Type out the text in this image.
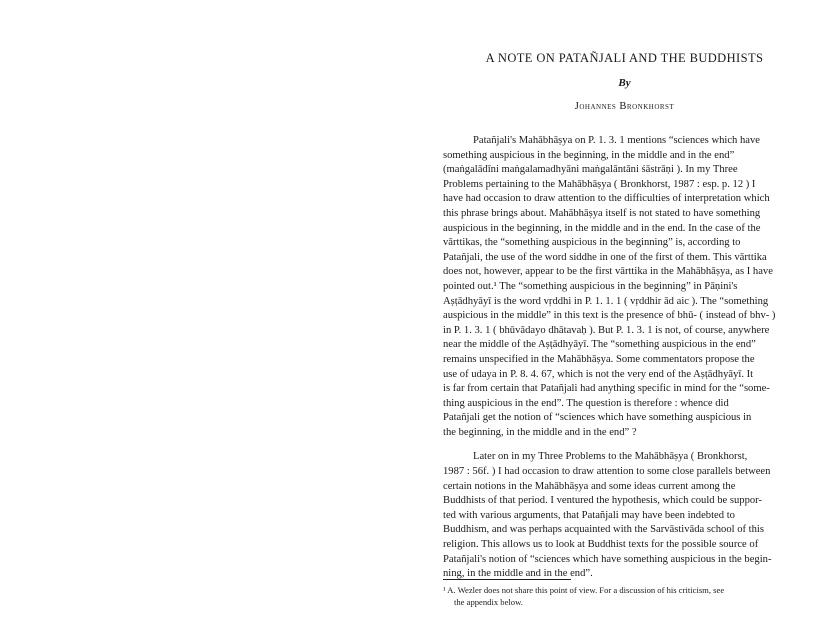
A NOTE ON PATAÑJALI AND THE BUDDHISTS
By
Johannes Bronkhorst

Patañjali's Mahābhāṣya on P. 1. 3. 1 mentions “sciences which have
something auspicious in the beginning, in the middle and in the end”
(maṅgalādīni maṅgalamadhyāni maṅgalāntāni śāstrāṇi ). In my Three
Problems pertaining to the Mahābhāṣya ( Bronkhorst, 1987 : esp. p. 12 ) I
have had occasion to draw attention to the difficulties of interpretation which
this phrase brings about. Mahābhāṣya itself is not stated to have something
auspicious in the beginning, in the middle and in the end. In the case of the
vārttikas, the “something auspicious in the beginning” is, according to
Patañjali, the use of the word siddhe in one of the first of them. This vārttika
does not, however, appear to be the first vārttika in the Mahābhāṣya, as I have
pointed out.¹ The “something auspicious in the beginning” in Pāṇini's
Aṣṭādhyāyī is the word vṛddhi in P. 1. 1. 1 ( vṛddhir ād aic ). The “something
auspicious in the middle” in this text is the presence of bhū- ( instead of bhv- )
in P. 1. 3. 1 ( bhūvādayo dhātavaḥ ). But P. 1. 3. 1 is not, of course, anywhere
near the middle of the Aṣṭādhyāyī. The “something auspicious in the end”
remains unspecified in the Mahābhāṣya. Some commentators propose the
use of udaya in P. 8. 4. 67, which is not the very end of the Aṣṭādhyāyī. It
is far from certain that Patañjali had anything specific in mind for the “some-
thing auspicious in the end”. The question is therefore : whence did
Patañjali get the notion of “sciences which have something auspicious in
the beginning, in the middle and in the end” ?

Later on in my Three Problems to the Mahābhāṣya ( Bronkhorst,
1987 : 56f. ) I had occasion to draw attention to some close parallels between
certain notions in the Mahābhāṣya and some ideas current among the
Buddhists of that period. I ventured the hypothesis, which could be suppor-
ted with various arguments, that Patañjali may have been indebted to
Buddhism, and was perhaps acquainted with the Sarvāstivāda school of this
religion. This allows us to look at Buddhist texts for the possible source of
Patañjali's notion of “sciences which have something auspicious in the begin-
ning, in the middle and in the end”.

¹ A. Wezler does not share this point of view. For a discussion of his criticism, see
the appendix below.
